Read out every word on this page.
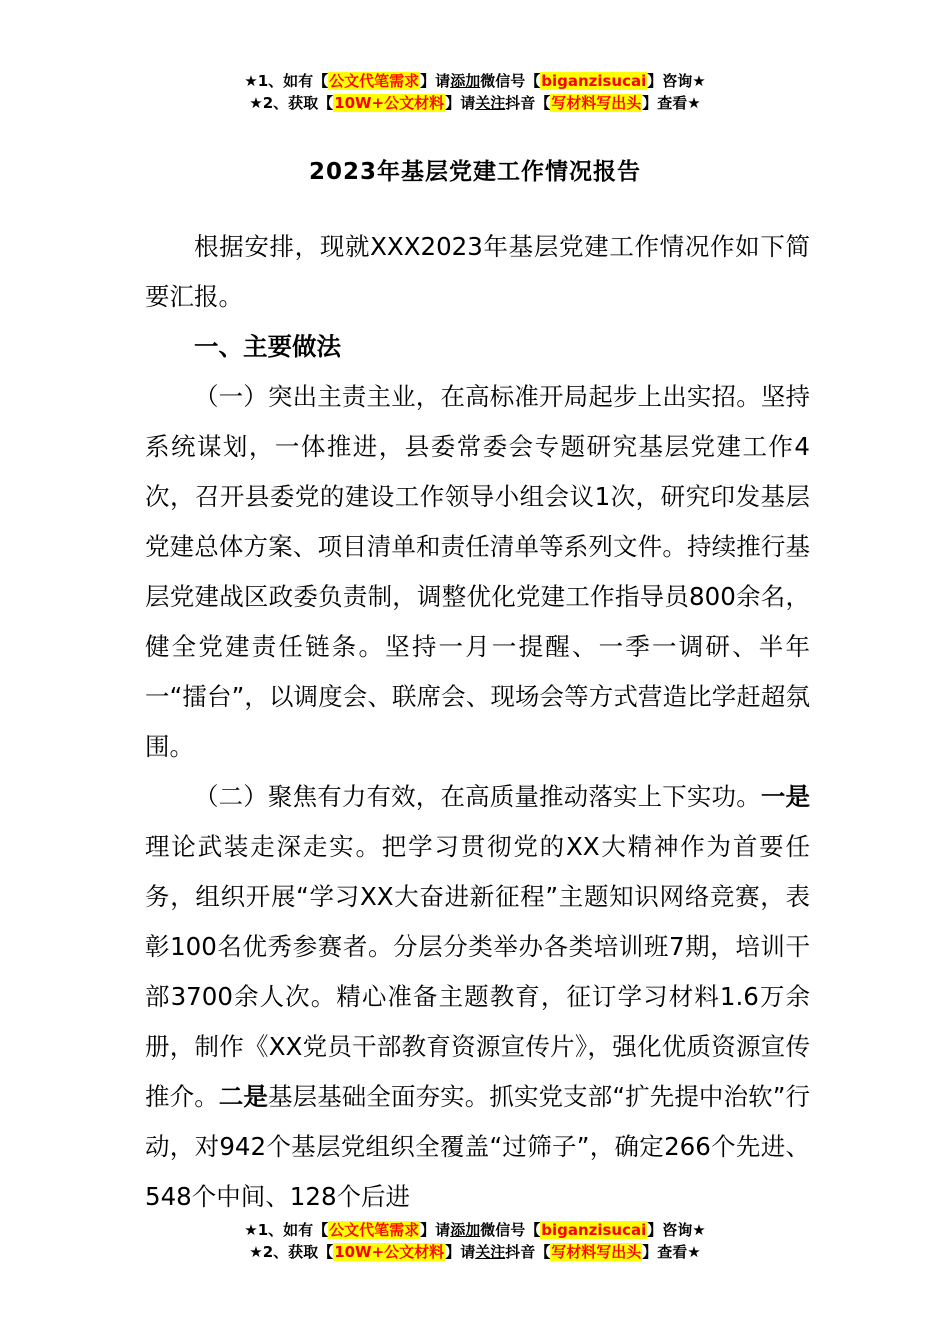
★1、如有【公文代笔需求】请添加微信号【biganzisucai】咨询★
★2、获取【10W+公文材料】请关注抖音【写材料写出头】查看★
2023年基层党建工作情况报告

根据安排，现就XXX2023年基层党建工作情况作如下简要汇报。

一、主要做法

（一）突出主责主业，在高标准开局起步上出实招。坚持系统谋划，一体推进，县委常委会专题研究基层党建工作4次，召开县委党的建设工作领导小组会议1次，研究印发基层党建总体方案、项目清单和责任清单等系列文件。持续推行基层党建战区政委负责制，调整优化党建工作指导员800余名，健全党建责任链条。坚持一月一提醒、一季一调研、半年一“擂台”，以调度会、联席会、现场会等方式营造比学赶超氛围。

（二）聚焦有力有效，在高质量推动落实上下实功。一是理论武装走深走实。把学习贯彻党的XX大精神作为首要任务，组织开展“学习XX大奋进新征程”主题知识网络竞赛，表彰100名优秀参赛者。分层分类举办各类培训班7期，培训干部3700余人次。精心准备主题教育，征订学习材料1.6万余册，制作《XX党员干部教育资源宣传片》，强化优质资源宣传推介。二是基层基础全面夯实。抓实党支部“扩先提中治软”行动，对942个基层党组织全覆盖“过筛子”，确定266个先进、548个中间、128个后进

★1、如有【公文代笔需求】请添加微信号【biganzisucai】咨询★
★2、获取【10W+公文材料】请关注抖音【写材料写出头】查看★
